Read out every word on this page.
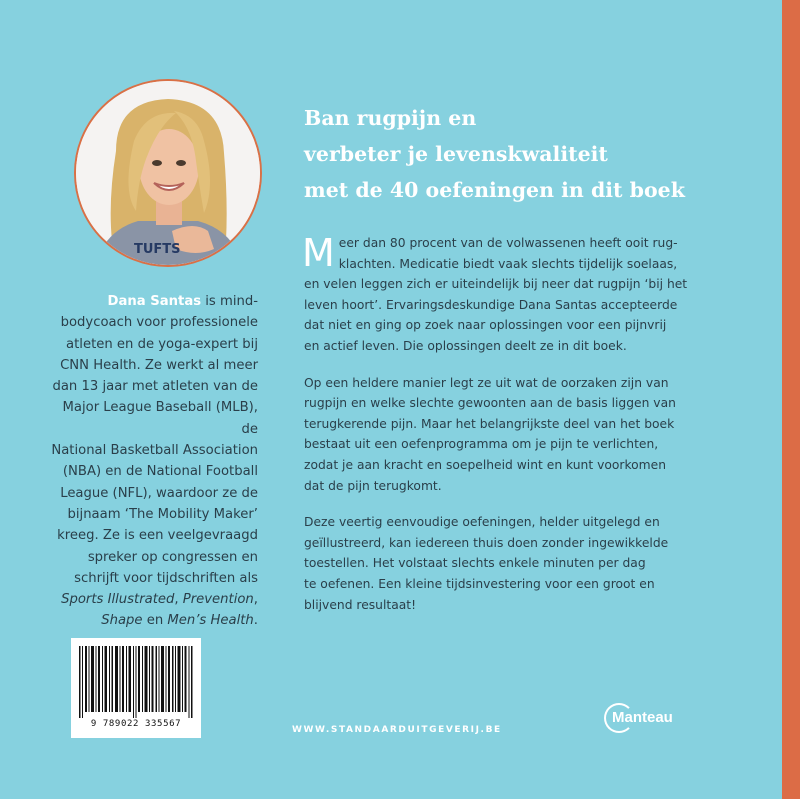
TUFTS
Dana Santas is mind-
bodycoach voor professionele
atleten en de yoga-expert bij
CNN Health. Ze werkt al meer
dan 13 jaar met atleten van de
Major League Baseball (MLB), de
National Basketball Association
(NBA) en de National Football
League (NFL), waardoor ze de
bijnaam ‘The Mobility Maker’
kreeg. Ze is een veelgevraagd
spreker op congressen en
schrijft voor tijdschriften als
Sports Illustrated, Prevention,
Shape en Men’s Health.
Ban rugpijn en
verbeter je levenskwaliteit
met de 40 oefeningen in dit boek

M eer dan 80 procent van de volwassenen heeft ooit rug-
klachten. Medicatie biedt vaak slechts tijdelijk soelaas,
en velen leggen zich er uiteindelijk bij neer dat rugpijn ‘bij het
leven hoort’. Ervaringsdeskundige Dana Santas accepteerde
dat niet en ging op zoek naar oplossingen voor een pijnvrij
en actief leven. Die oplossingen deelt ze in dit boek.

Op een heldere manier legt ze uit wat de oorzaken zijn van
rugpijn en welke slechte gewoonten aan de basis liggen van
terugkerende pijn. Maar het belangrijkste deel van het boek
bestaat uit een oefenprogramma om je pijn te verlichten,
zodat je aan kracht en soepelheid wint en kunt voorkomen
dat de pijn terugkomt.

Deze veertig eenvoudige oefeningen, helder uitgelegd en
geïllustreerd, kan iedereen thuis doen zonder ingewikkelde
toestellen. Het volstaat slechts enkele minuten per dag
te oefenen. Een kleine tijdsinvestering voor een groot en
blijvend resultaat!

9 789022 335567
WWW.STANDAARDUITGEVERIJ.BE
Manteau
